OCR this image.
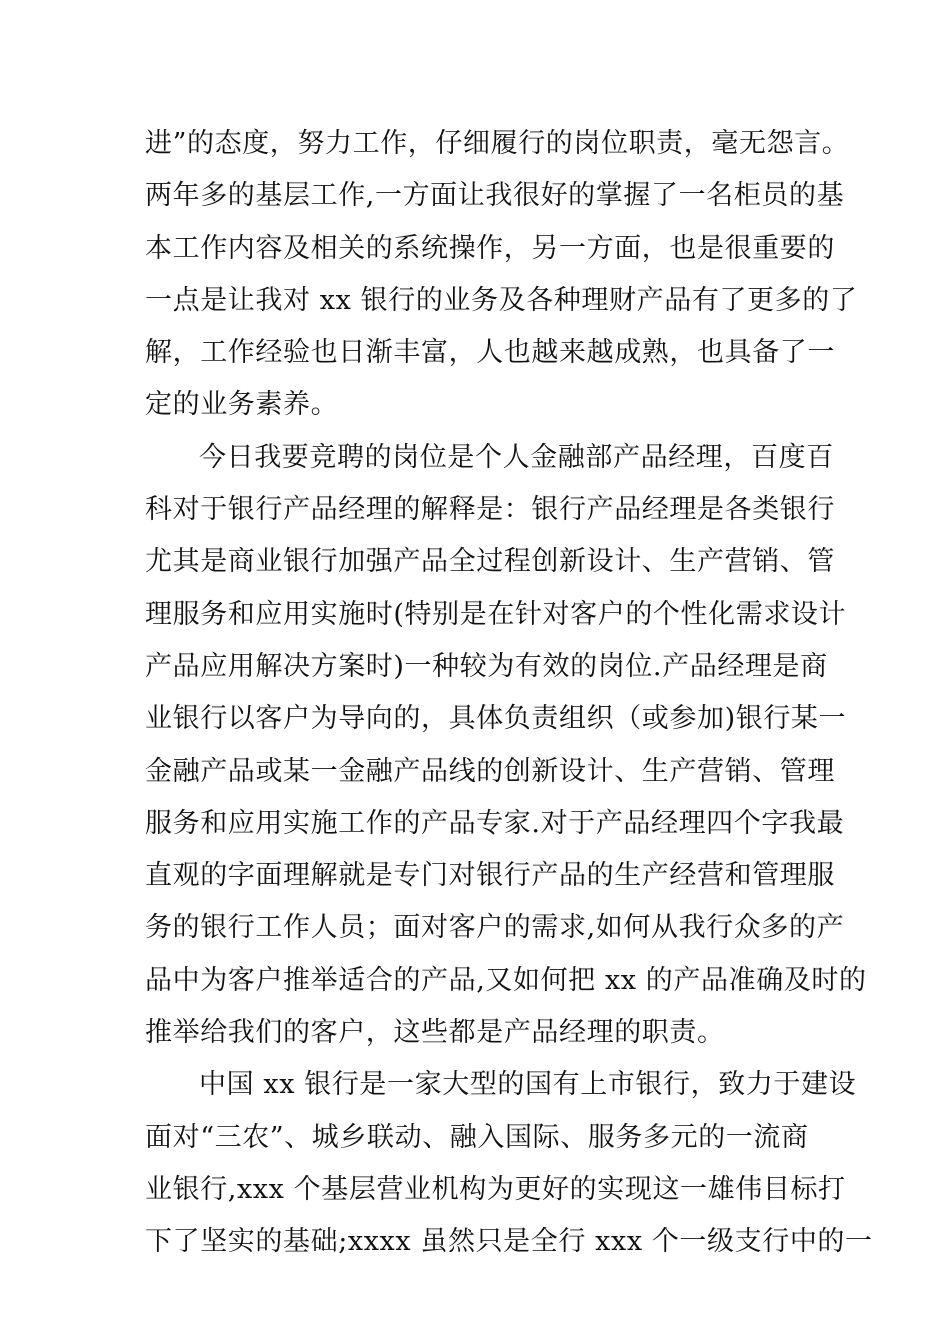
进”的态度，努力工作，仔细履行的岗位职责，毫无怨言。
两年多的基层工作,一方面让我很好的掌握了一名柜员的基
本工作内容及相关的系统操作，另一方面，也是很重要的
一点是让我对 xx 银行的业务及各种理财产品有了更多的了
解，工作经验也日渐丰富，人也越来越成熟，也具备了一
定的业务素养。
今日我要竞聘的岗位是个人金融部产品经理，百度百
科对于银行产品经理的解释是：银行产品经理是各类银行
尤其是商业银行加强产品全过程创新设计、生产营销、管
理服务和应用实施时(特别是在针对客户的个性化需求设计
产品应用解决方案时)一种较为有效的岗位.产品经理是商
业银行以客户为导向的，具体负责组织（或参加)银行某一
金融产品或某一金融产品线的创新设计、生产营销、管理
服务和应用实施工作的产品专家.对于产品经理四个字我最
直观的字面理解就是专门对银行产品的生产经营和管理服
务的银行工作人员；面对客户的需求,如何从我行众多的产
品中为客户推举适合的产品,又如何把 xx 的产品准确及时的
推举给我们的客户，这些都是产品经理的职责。
中国 xx 银行是一家大型的国有上市银行，致力于建设
面对“三农”、城乡联动、融入国际、服务多元的一流商
业银行,xxx 个基层营业机构为更好的实现这一雄伟目标打
下了坚实的基础;xxxx 虽然只是全行 xxx 个一级支行中的一
